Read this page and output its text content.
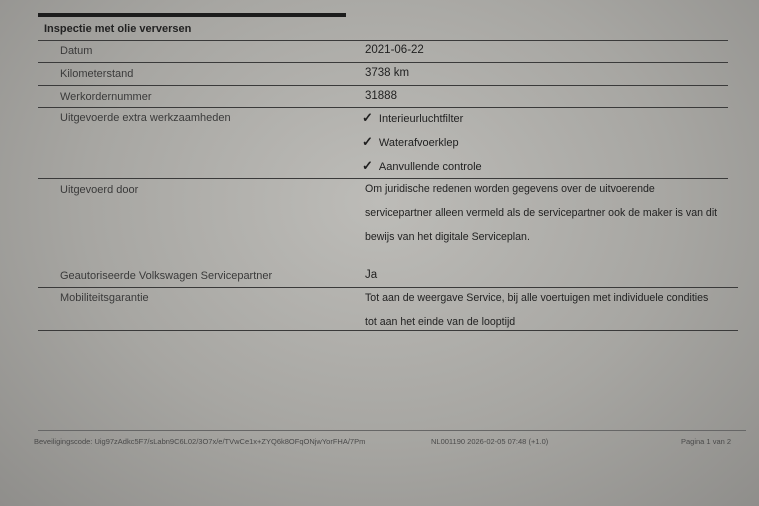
Inspectie met olie verversen
Datum	2021-06-22
Kilometerstand	3738 km
Werkordernummer	31888
Uitgevoerde extra werkzaamheden	✓ Interieurluchtfilter
✓ Waterafvoerklep
✓ Aanvullende controle
Uitgevoerd door	Om juridische redenen worden gegevens over de uitvoerende
servicepartner alleen vermeld als de servicepartner ook de maker is van dit
bewijs van het digitale Serviceplan.
Geautoriseerde Volkswagen Servicepartner	Ja
Mobiliteitsgarantie	Tot aan de weergave Service, bij alle voertuigen met individuele condities
tot aan het einde van de looptijd
Beveiligingscode: Uig97zAdkc5F7/sLabn9C6L02/3O7x/e/TVwCe1x+ZYQ6k8OFqONjwYorFHA/7Pm	NL001190 2026-02-05 07:48 (+1.0)	Pagina 1 van 2
